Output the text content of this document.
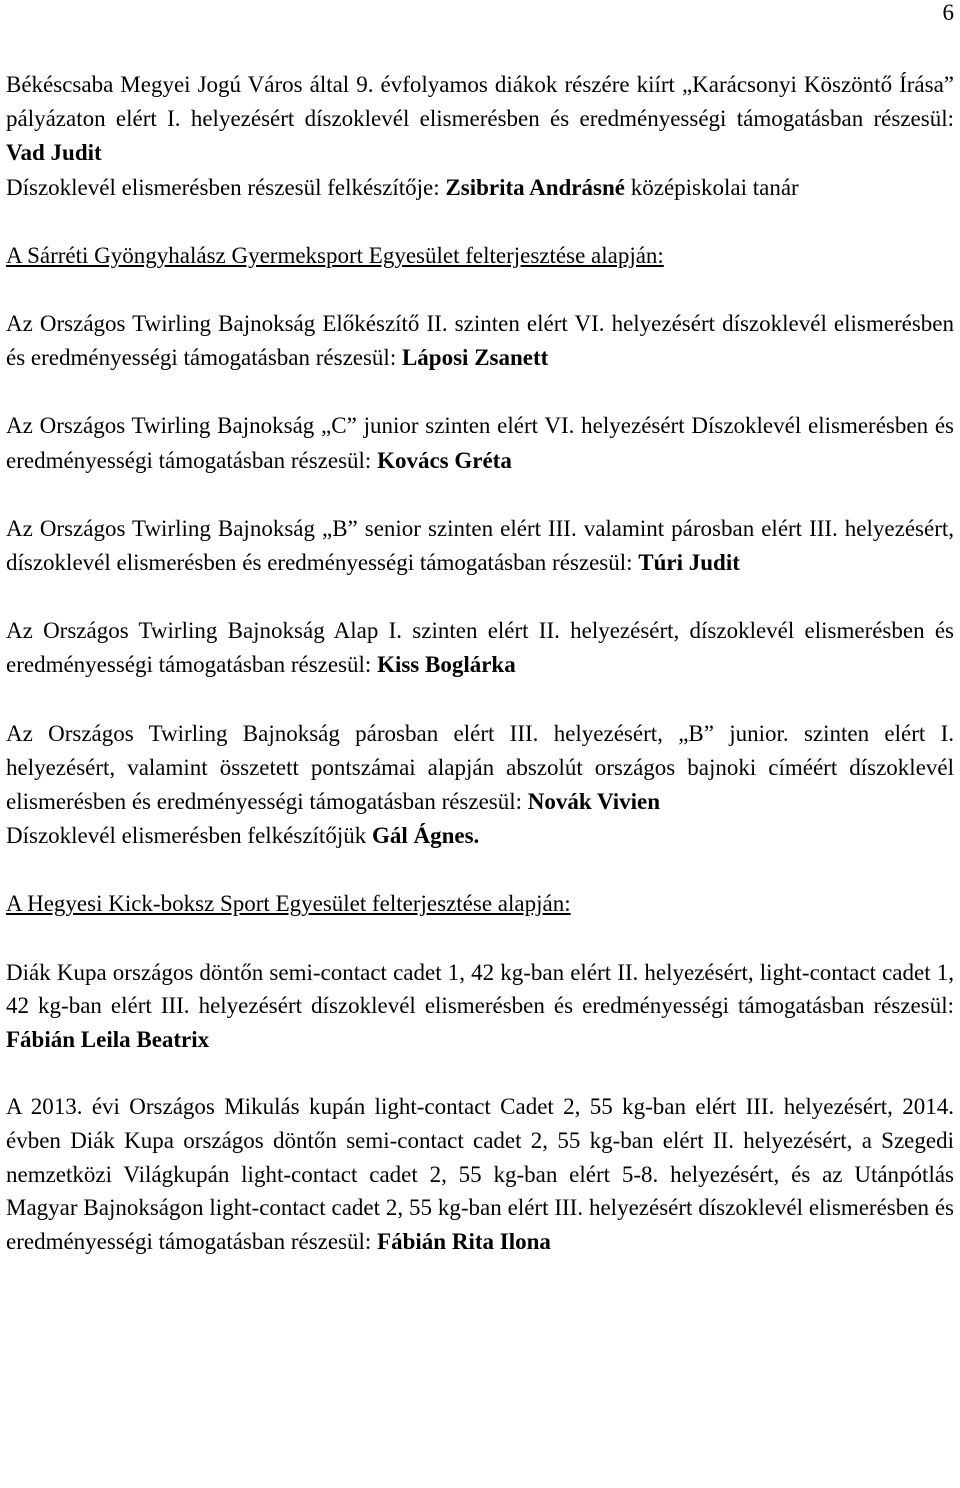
6

Békéscsaba Megyei Jogú Város által 9. évfolyamos diákok részére kiírt „Karácsonyi Köszöntő Írása” pályázaton elért I. helyezésért díszoklevél elismerésben és eredményességi támogatásban részesül: Vad Judit
Díszoklevél elismerésben részesül felkészítője: Zsibrita Andrásné középiskolai tanár

A Sárréti Gyöngyhalász Gyermeksport Egyesület felterjesztése alapján:

Az Országos Twirling Bajnokság Előkészítő II. szinten elért VI. helyezésért díszoklevél elismerésben és eredményességi támogatásban részesül: Láposi Zsanett

Az Országos Twirling Bajnokság „C” junior szinten elért VI. helyezésért Díszoklevél elismerésben és eredményességi támogatásban részesül: Kovács Gréta

Az Országos Twirling Bajnokság „B” senior szinten elért III. valamint párosban elért III. helyezésért, díszoklevél elismerésben és eredményességi támogatásban részesül: Túri Judit

Az Országos Twirling Bajnokság Alap I. szinten elért II. helyezésért, díszoklevél elismerésben és eredményességi támogatásban részesül: Kiss Boglárka

Az Országos Twirling Bajnokság párosban elért III. helyezésért, „B” junior. szinten elért I. helyezésért, valamint összetett pontszámai alapján abszolút országos bajnoki címéért díszoklevél elismerésben és eredményességi támogatásban részesül: Novák Vivien
Díszoklevél elismerésben felkészítőjük Gál Ágnes.

A Hegyesi Kick-boksz Sport Egyesület felterjesztése alapján:

Diák Kupa országos döntőn semi-contact cadet 1, 42 kg-ban elért II. helyezésért, light-contact cadet 1, 42 kg-ban elért III. helyezésért díszoklevél elismerésben és eredményességi támogatásban részesül: Fábián Leila Beatrix

A 2013. évi Országos Mikulás kupán light-contact Cadet 2, 55 kg-ban elért III. helyezésért, 2014. évben Diák Kupa országos döntőn semi-contact cadet 2, 55 kg-ban elért II. helyezésért, a Szegedi nemzetközi Világkupán light-contact cadet 2, 55 kg-ban elért 5-8. helyezésért, és az Utánpótlás Magyar Bajnokságon light-contact cadet 2, 55 kg-ban elért III. helyezésért díszoklevél elismerésben és eredményességi támogatásban részesül: Fábián Rita Ilona
